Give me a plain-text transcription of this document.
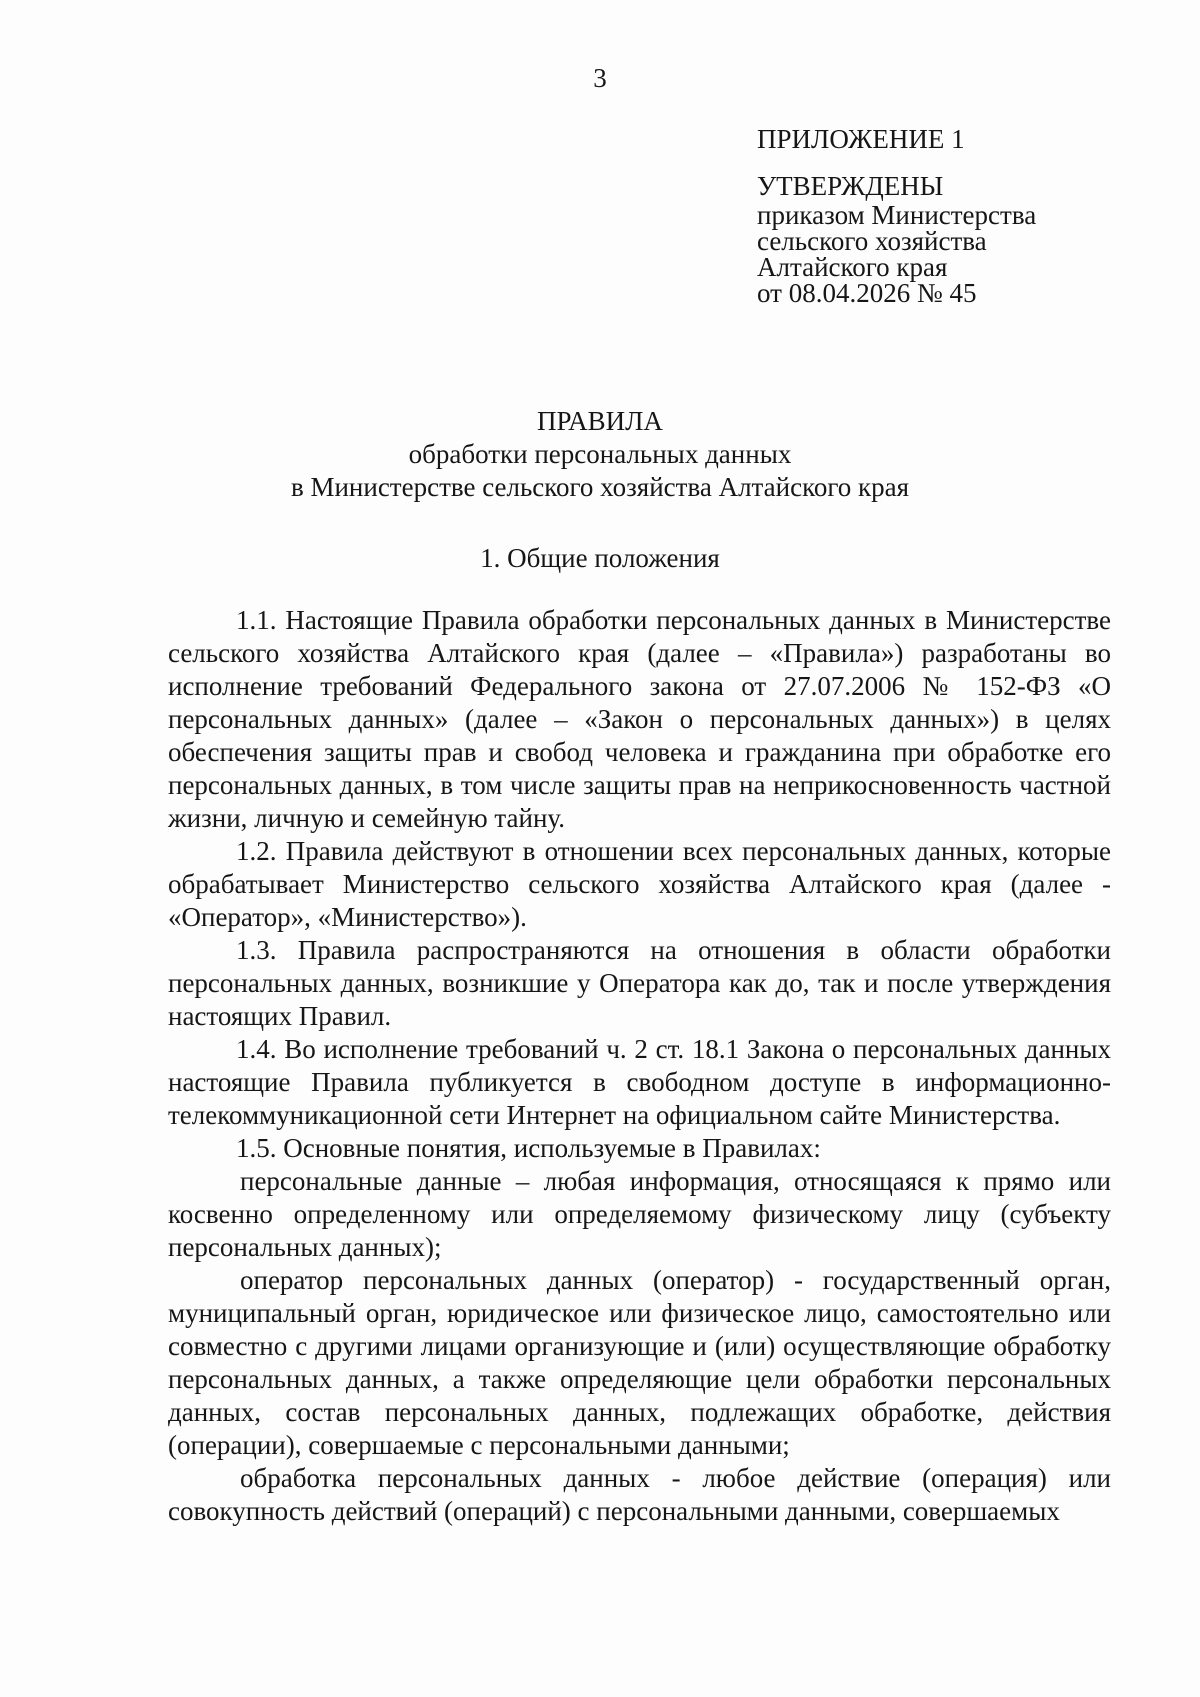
3
ПРИЛОЖЕНИЕ 1
УТВЕРЖДЕНЫ
приказом Министерства
сельского хозяйства
Алтайского края
от 08.04.2026 № 45
ПРАВИЛА
обработки персональных данных
в Министерстве сельского хозяйства Алтайского края
1. Общие положения

1.1. Настоящие Правила обработки персональных данных в Министерстве сельского хозяйства Алтайского края (далее – «Правила») разработаны во исполнение требований Федерального закона от 27.07.2006 № 152-ФЗ «О персональных данных» (далее – «Закон о персональных данных») в целях обеспечения защиты прав и свобод человека и гражданина при обработке его персональных данных, в том числе защиты прав на неприкосновенность частной жизни, личную и семейную тайну.

1.2. Правила действуют в отношении всех персональных данных, которые обрабатывает Министерство сельского хозяйства Алтайского края (далее - «Оператор», «Министерство»).

1.3. Правила распространяются на отношения в области обработки персональных данных, возникшие у Оператора как до, так и после утверждения настоящих Правил.

1.4. Во исполнение требований ч. 2 ст. 18.1 Закона о персональных данных настоящие Правила публикуется в свободном доступе в информационно-телекоммуникационной сети Интернет на официальном сайте Министерства.

1.5. Основные понятия, используемые в Правилах:

персональные данные – любая информация, относящаяся к прямо или косвенно определенному или определяемому физическому лицу (субъекту персональных данных);

оператор персональных данных (оператор) - государственный орган, муниципальный орган, юридическое или физическое лицо, самостоятельно или совместно с другими лицами организующие и (или) осуществляющие обработку персональных данных, а также определяющие цели обработки персональных данных, состав персональных данных, подлежащих обработке, действия (операции), совершаемые с персональными данными;

обработка персональных данных - любое действие (операция) или совокупность действий (операций) с персональными данными, совершаемых
